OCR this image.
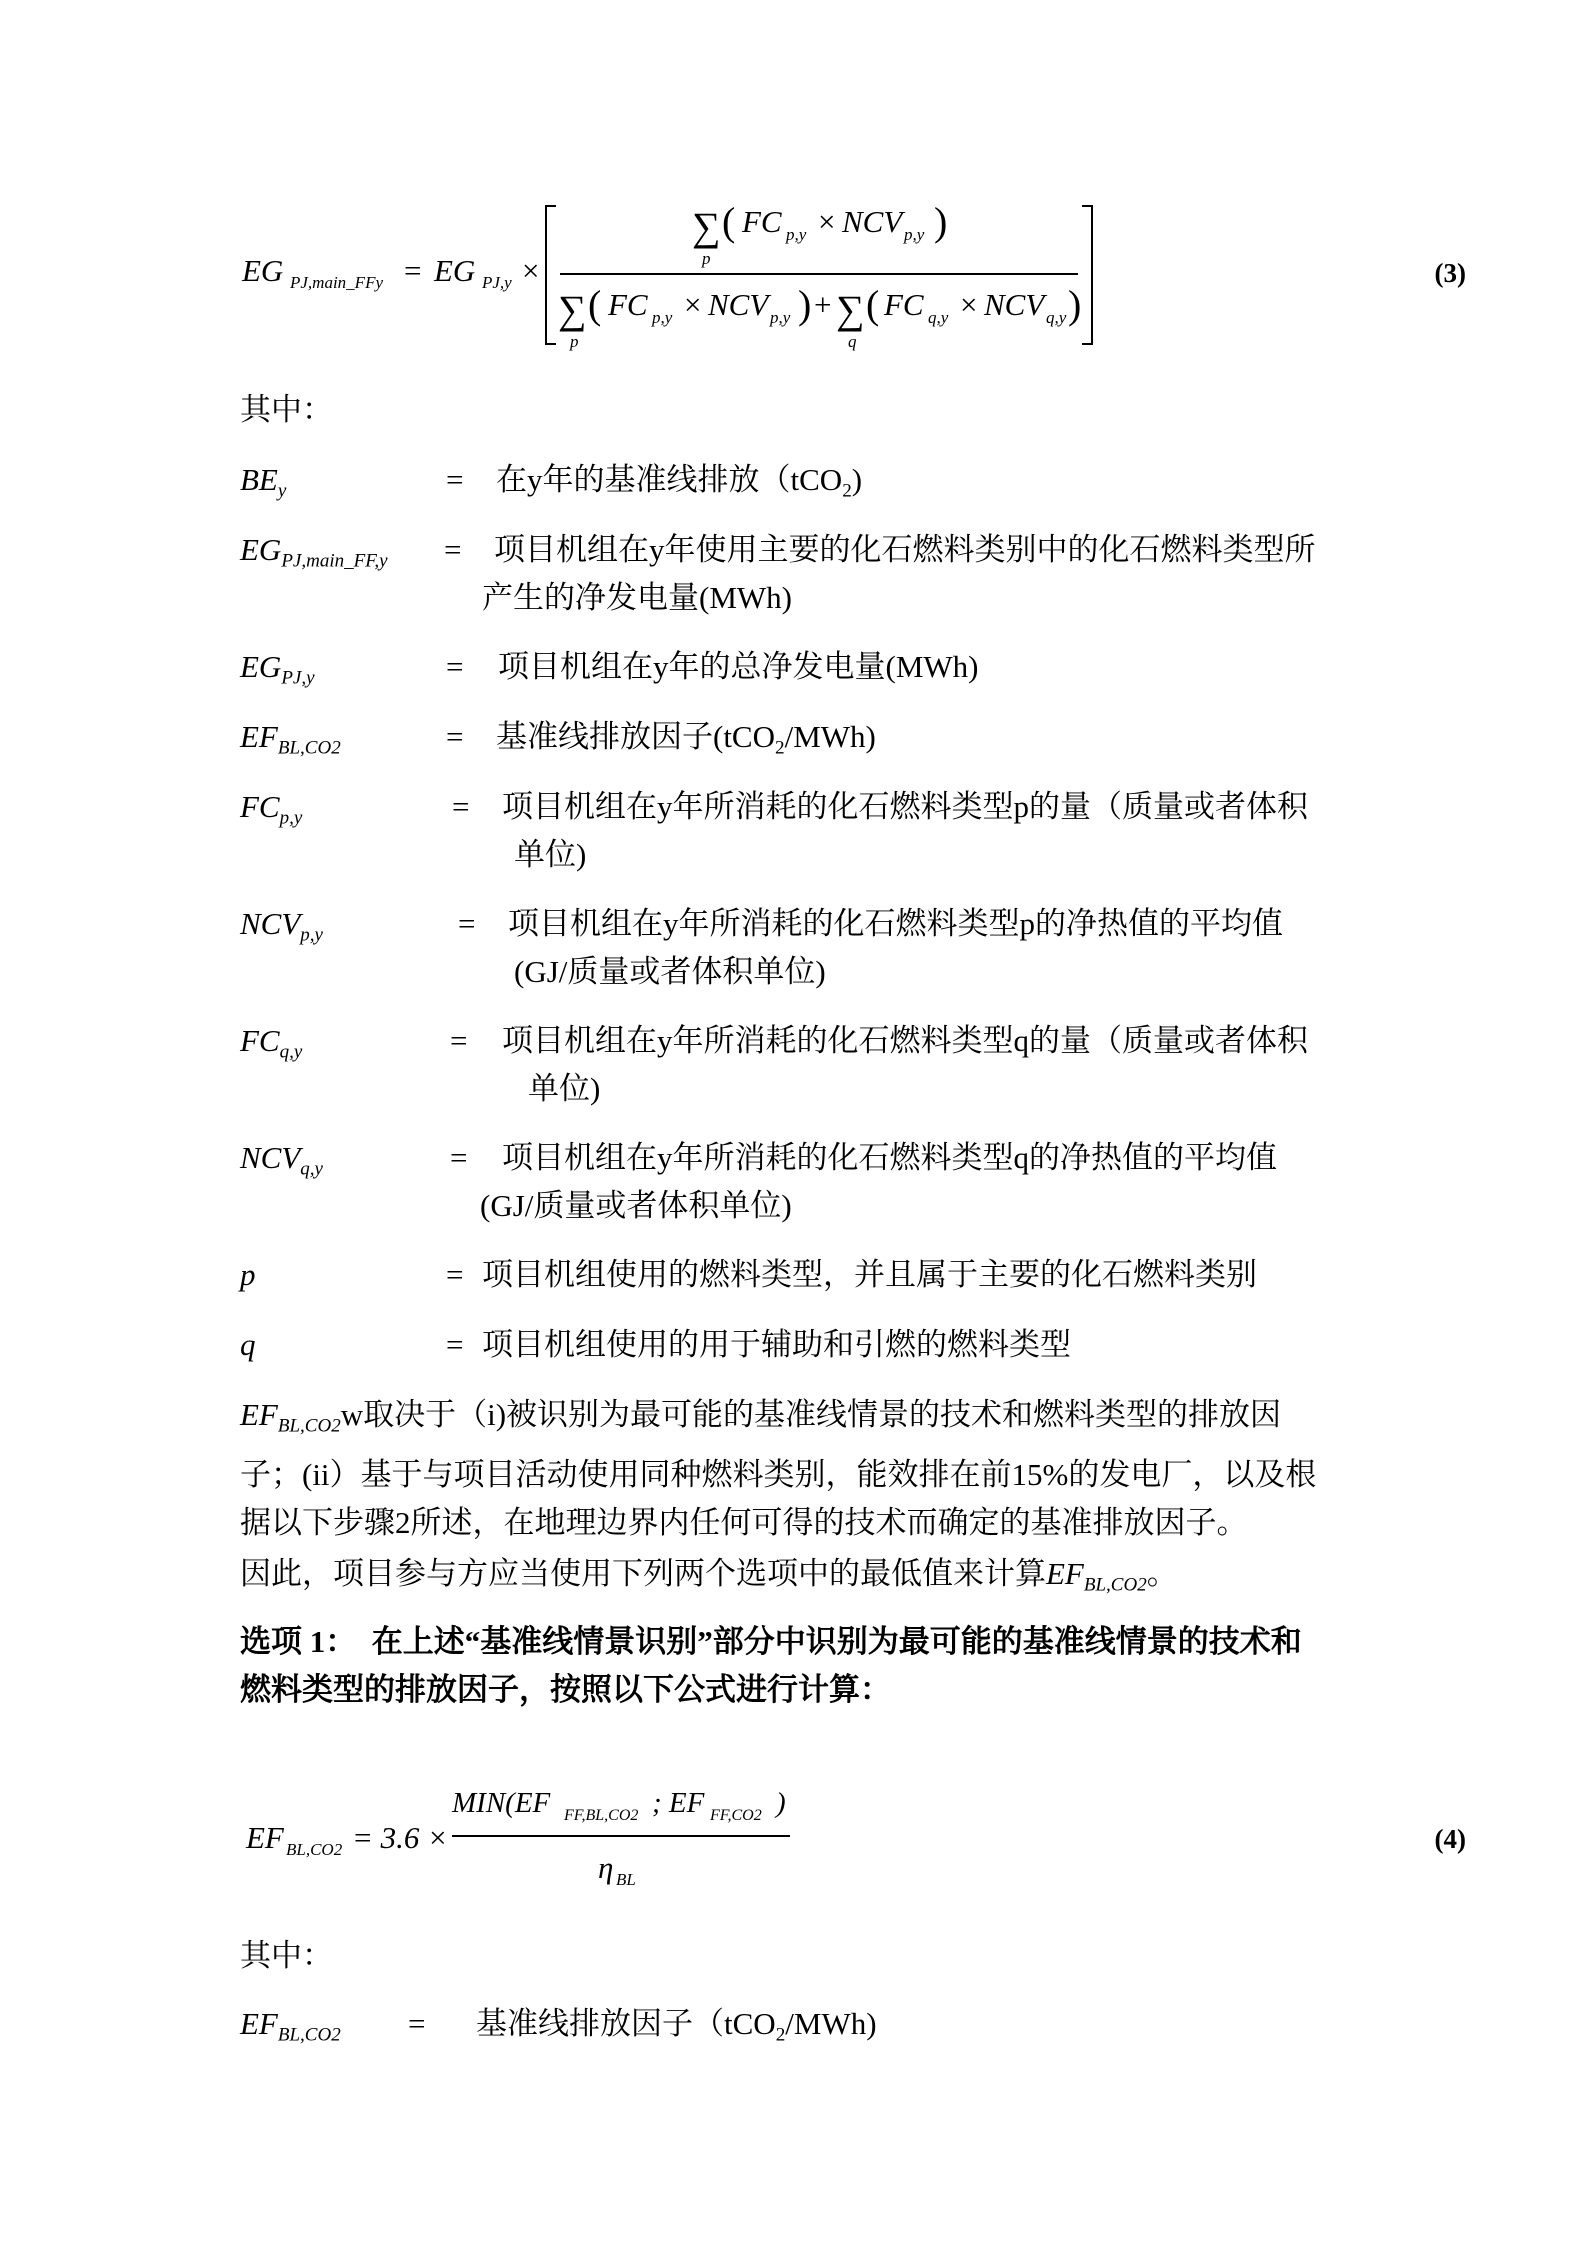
EG PJ,main_FFy = EG PJ,y ×
∑
p
( FC p,y × NCV p,y )
∑
p
( FC p,y × NCV p,y ) + ∑
q
( FC q,y × NCV q,y )
(3)
其中：
$BE_y$	= 在y年的基准线排放（tCO$_2$)
$EG_{PJ,main\_FF,y}$ = 项目机组在y年使用主要的化石燃料类别中的化石燃料类型所
产生的净发电量(MWh)
$EG_{PJ,y}$	= 项目机组在y年的总净发电量(MWh)
$EF_{BL,CO2}$	= 基准线排放因子(tCO$_2$/MWh)
$FC_{p,y}$	= 项目机组在y年所消耗的化石燃料类型p的量（质量或者体积
单位)
$NCV_{p,y}$	= 项目机组在y年所消耗的化石燃料类型p的净热值的平均值
(GJ/质量或者体积单位)
$FC_{q,y}$	= 项目机组在y年所消耗的化石燃料类型q的量（质量或者体积
单位)
$NCV_{q,y}$	= 项目机组在y年所消耗的化石燃料类型q的净热值的平均值
(GJ/质量或者体积单位)
p	= 项目机组使用的燃料类型，并且属于主要的化石燃料类别
q	= 项目机组使用的用于辅助和引燃的燃料类型
$EF_{BL,CO2}w$取决于（i)被识别为最可能的基准线情景的技术和燃料类型的排放因
子；(ii）基于与项目活动使用同种燃料类别，能效排在前15%的发电厂，以及根
据以下步骤2所述，在地理边界内任何可得的技术而确定的基准排放因子。
因此，项目参与方应当使用下列两个选项中的最低值来计算$EF_{BL,CO2}$。
选项 1：　在上述“基准线情景识别”部分中识别为最可能的基准线情景的技术和
燃料类型的排放因子，按照以下公式进行计算：
EF BL,CO2 = 3.6 ×
MIN(EF FF,BL,CO2 ; EF FF,CO2 )
η BL
(4)
其中：
$EF_{BL,CO2}$ = 基准线排放因子（tCO$_2$/MWh)
